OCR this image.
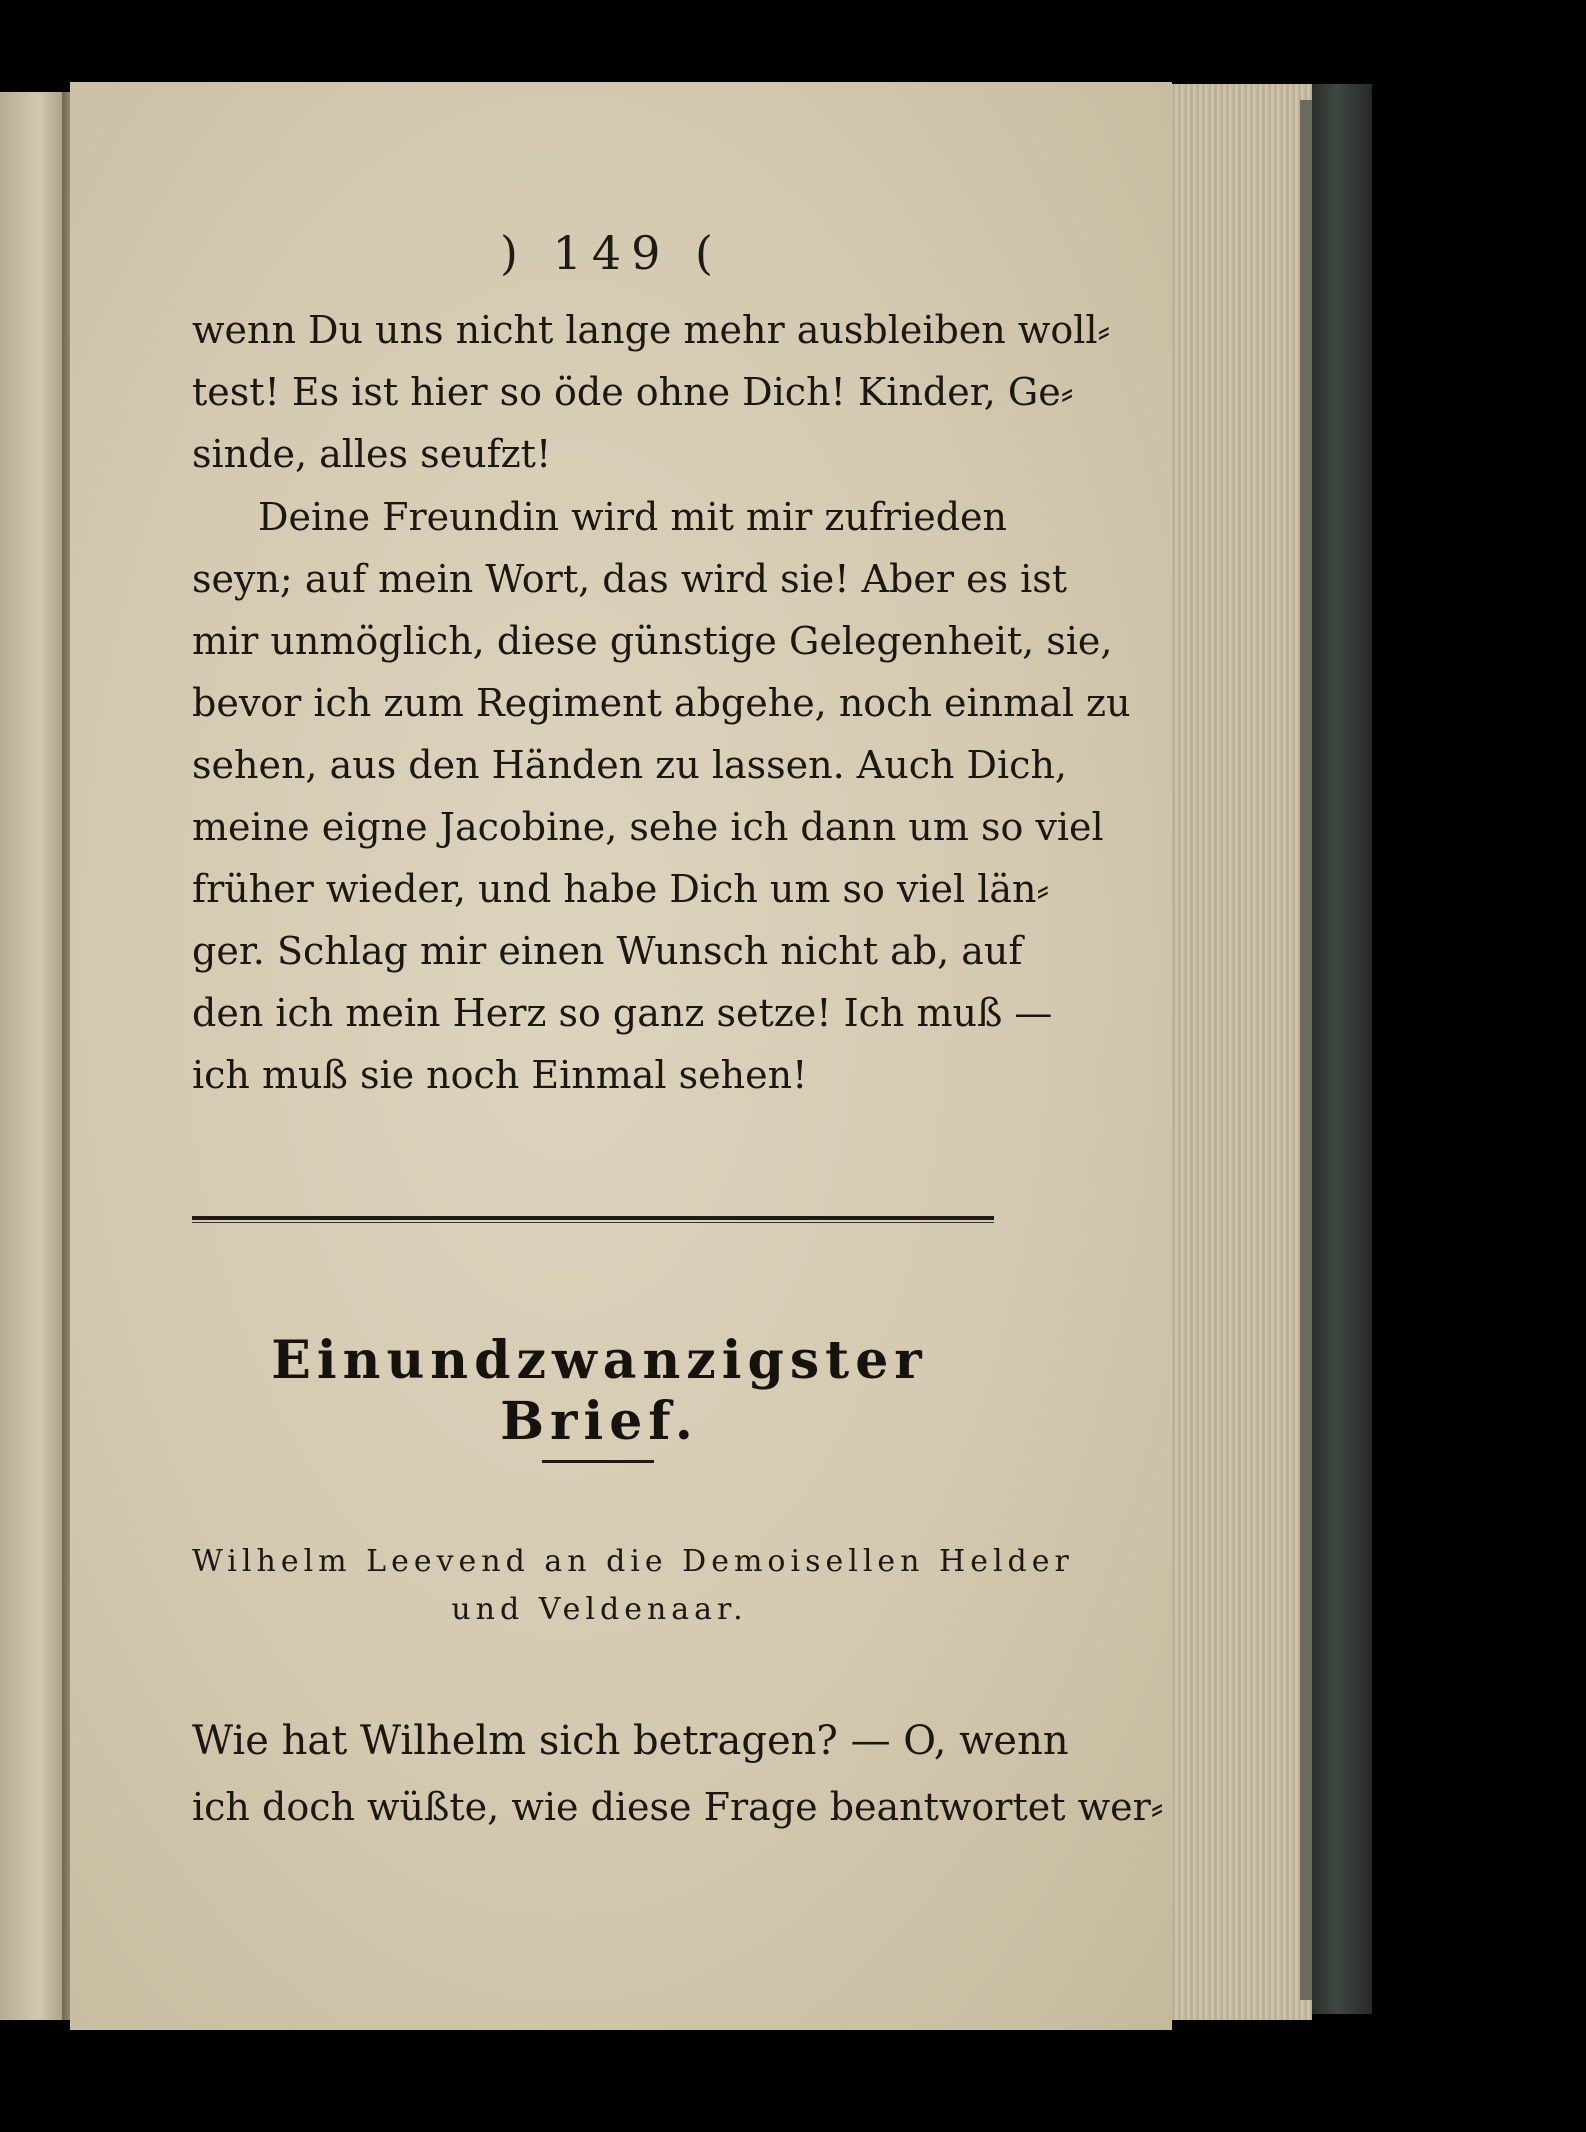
) 149 (
wenn Du uns nicht lange mehr ausbleiben woll⸗
test! Es ist hier so öde ohne Dich! Kinder, Ge⸗
sinde, alles seufzt!
Deine Freundin wird mit mir zufrieden
seyn; auf mein Wort, das wird sie! Aber es ist
mir unmöglich, diese günstige Gelegenheit, sie,
bevor ich zum Regiment abgehe, noch einmal zu
sehen, aus den Händen zu lassen. Auch Dich,
meine eigne Jacobine, sehe ich dann um so viel
früher wieder, und habe Dich um so viel län⸗
ger. Schlag mir einen Wunsch nicht ab, auf
den ich mein Herz so ganz setze! Ich muß —
ich muß sie noch Einmal sehen!
Einundzwanzigster Brief.
Wilhelm Leevend an die Demoisellen Helder
und Veldenaar.
Wie hat Wilhelm sich betragen? — O, wenn
ich doch wüßte, wie diese Frage beantwortet wer⸗
